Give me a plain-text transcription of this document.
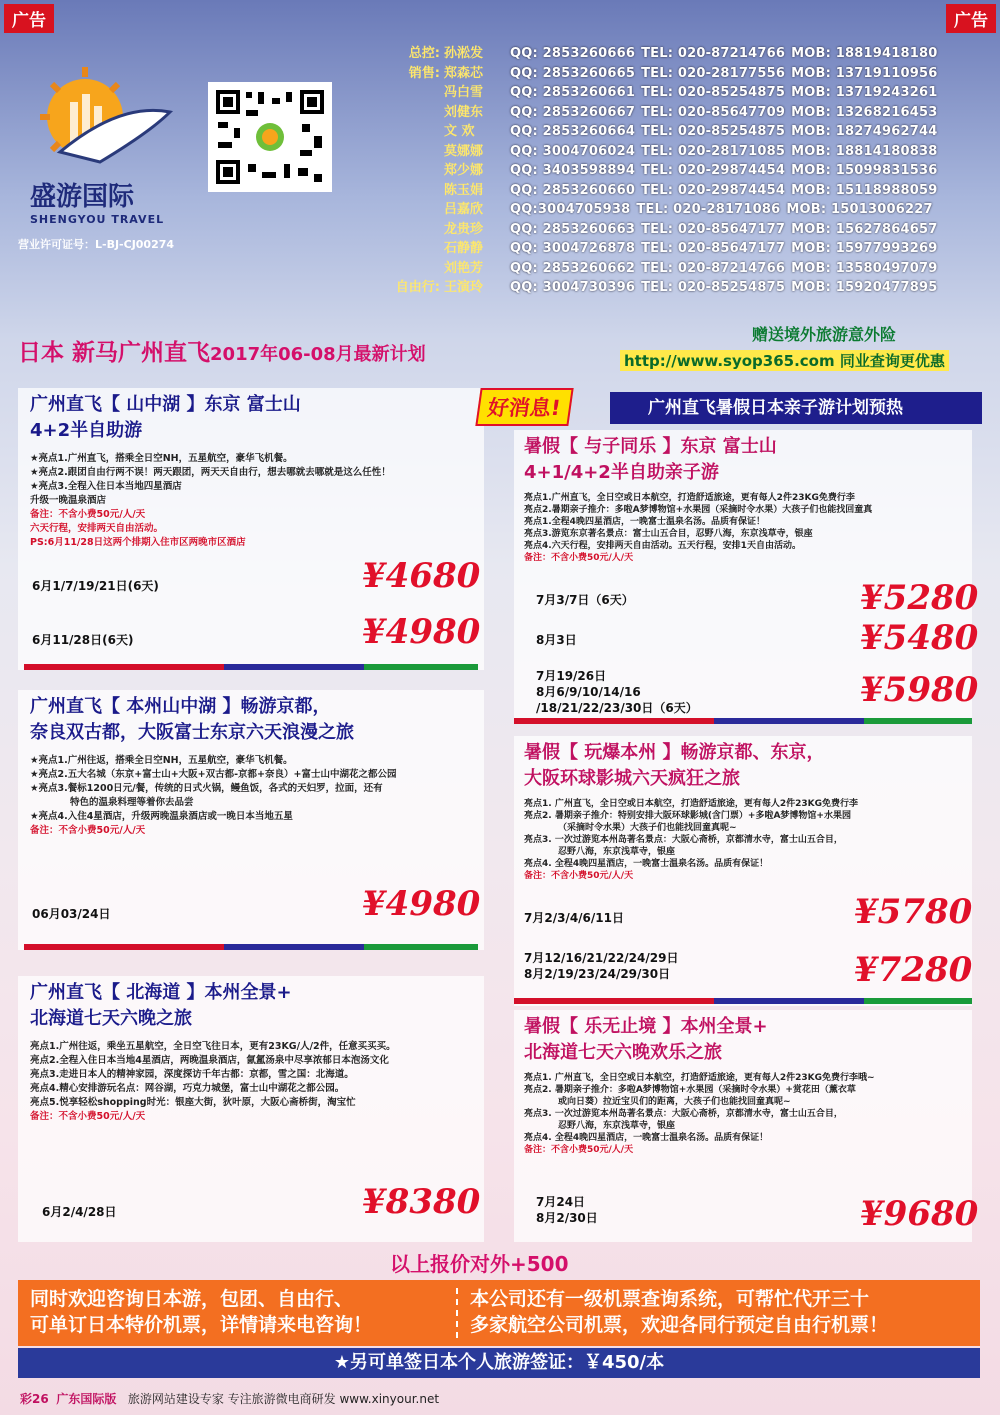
广告	广告
盛游国际
SHENGYOU TRAVEL
营业许可证号：L-BJ-CJ00274
总控: 孙淞发	QQ: 2853260666 TEL: 020-87214766 MOB: 18819418180
销售: 郑森芯	QQ: 2853260665 TEL: 020-28177556 MOB: 13719110956
冯白雪	QQ: 2853260661 TEL: 020-85254875 MOB: 13719243261
刘健东	QQ: 2853260667 TEL: 020-85647709 MOB: 13268216453
文 欢	QQ: 2853260664 TEL: 020-85254875 MOB: 18274962744
莫娜娜	QQ: 3004706024 TEL: 020-28171085 MOB: 18814180838
郑少娜	QQ: 3403598894 TEL: 020-29874454 MOB: 15099831536
陈玉娟	QQ: 2853260660 TEL: 020-29874454 MOB: 15118988059
吕嘉欣	QQ:3004705938 TEL: 020-28171086 MOB: 15013006227
龙贵珍	QQ: 2853260663 TEL: 020-85647177 MOB: 15627864657
石静静	QQ: 3004726878 TEL: 020-85647177 MOB: 15977993269
刘艳芳	QQ: 2853260662 TEL: 020-87214766 MOB: 13580497079
自由行: 王演玲	QQ: 3004730396 TEL: 020-85254875 MOB: 15920477895
日本 新马广州直飞2017年06-08月最新计划
赠送境外旅游意外险
http://www.syop365.com 同业查询更优惠
广州直飞【 山中湖 】东京 富士山
4+2半自助游
★亮点1.广州直飞，搭乘全日空NH，五星航空，豪华飞机餐。
★亮点2.跟团自由行两不误！两天跟团，两天天自由行，想去哪就去哪就是这么任性！
★亮点3.全程入住日本当地四星酒店
升级一晚温泉酒店
备注：不含小费50元/人/天
六天行程，安排两天自由活动。
PS:6月11/28日这两个排期入住市区两晚市区酒店
6月1/7/19/21日(6天)	¥4680
6月11/28日(6天)	¥4980
广州直飞【 本州山中湖 】畅游京都，
奈良双古都，大阪富士东京六天浪漫之旅
★亮点1.广州往返，搭乘全日空NH，五星航空，豪华飞机餐。
★亮点2.五大名城（东京+富士山+大阪+双古都-京都+奈良）+富士山中湖花之都公园
★亮点3.餐标1200日元/餐，传统的日式火锅，鳗鱼饭，各式的天妇罗，拉面，还有
特色的温泉料理等着你去品尝
★亮点4.入住4星酒店，升级两晚温泉酒店或一晚日本当地五星
备注：不含小费50元/人/天
06月03/24日	¥4980
广州直飞【 北海道 】本州全景+
北海道七天六晚之旅
亮点1.广州往返，乘坐五星航空，全日空飞往日本，更有23KG/人/2件，任意买买买。
亮点2.全程入住日本当地4星酒店，两晚温泉酒店，氤氲汤泉中尽享浓郁日本泡汤文化
亮点3.走进日本人的精神家园，深度探访千年古都：京都，雪之国：北海道。
亮点4.精心安排游玩名点：网谷湖，巧克力城堡，富士山中湖花之都公园。
亮点5.悦享轻松shopping时光：银座大街，狄叶原，大阪心斋桥街，淘宝忙
备注：不含小费50元/人/天
6月2/4/28日	¥8380
广州直飞暑假日本亲子游计划预热
好消息!
暑假【 与子同乐 】东京 富士山
4+1/4+2半自助亲子游
亮点1.广州直飞，全日空或日本航空，打造舒适旅途，更有每人2件23KG免费行李
亮点2.暑期亲子推介：多啦A梦博物馆+水果园（采摘时令水果）大孩子们也能找回童真
亮点1.全程4晚四星酒店，一晚富士温泉名汤。品质有保证！
亮点3.游览东京著名景点：富士山五合目，忍野八海，东京浅草寺，银座
亮点4.六天行程，安排两天自由活动。五天行程，安排1天自由活动。
备注：不含小费50元/人/天
7月3/7日（6天）	¥5280
8月3日	¥5480
7月19/26日
8月6/9/10/14/16
/18/21/22/23/30日（6天）	¥5980
暑假【 玩爆本州 】畅游京都、东京，
大阪环球影城六天疯狂之旅
亮点1. 广州直飞，全日空或日本航空，打造舒适旅途，更有每人2件23KG免费行李
亮点2. 暑期亲子推介：特别安排大阪环球影城(含门票）+多啦A梦博物馆+水果园
（采摘时令水果）大孩子们也能找回童真呢~
亮点3. 一次过游览本州岛著名景点：大阪心斋桥，京都清水寺，富士山五合目，
忍野八海，东京浅草寺，银座
亮点4. 全程4晚四星酒店，一晚富士温泉名汤。品质有保证！
备注：不含小费50元/人/天
7月2/3/4/6/11日	¥5780
7月12/16/21/22/24/29日
8月2/19/23/24/29/30日	¥7280
暑假【 乐无止境 】本州全景+
北海道七天六晚欢乐之旅
亮点1. 广州直飞，全日空或日本航空，打造舒适旅途，更有每人2件23KG免费行李哦~
亮点2. 暑期亲子推介：多啦A梦博物馆+水果园（采摘时令水果）+赏花田（薰衣草
或向日葵）拉近宝贝们的距离，大孩子们也能找回童真呢~
亮点3. 一次过游览本州岛著名景点：大阪心斋桥，京都清水寺，富士山五合目，
忍野八海，东京浅草寺，银座
亮点4. 全程4晚四星酒店，一晚富士温泉名汤。品质有保证！
备注：不含小费50元/人/天
7月24日
8月2/30日	¥9680
以上报价对外+500
同时欢迎咨询日本游，包团、自由行、
可单订日本特价机票，详情请来电咨询！
本公司还有一级机票查询系统，可帮忙代开三十
多家航空公司机票，欢迎各同行预定自由行机票！
★另可单签日本个人旅游签证：￥450/本
彩26 广东国际版 旅游网站建设专家 专注旅游微电商研发 www.xinyour.net
